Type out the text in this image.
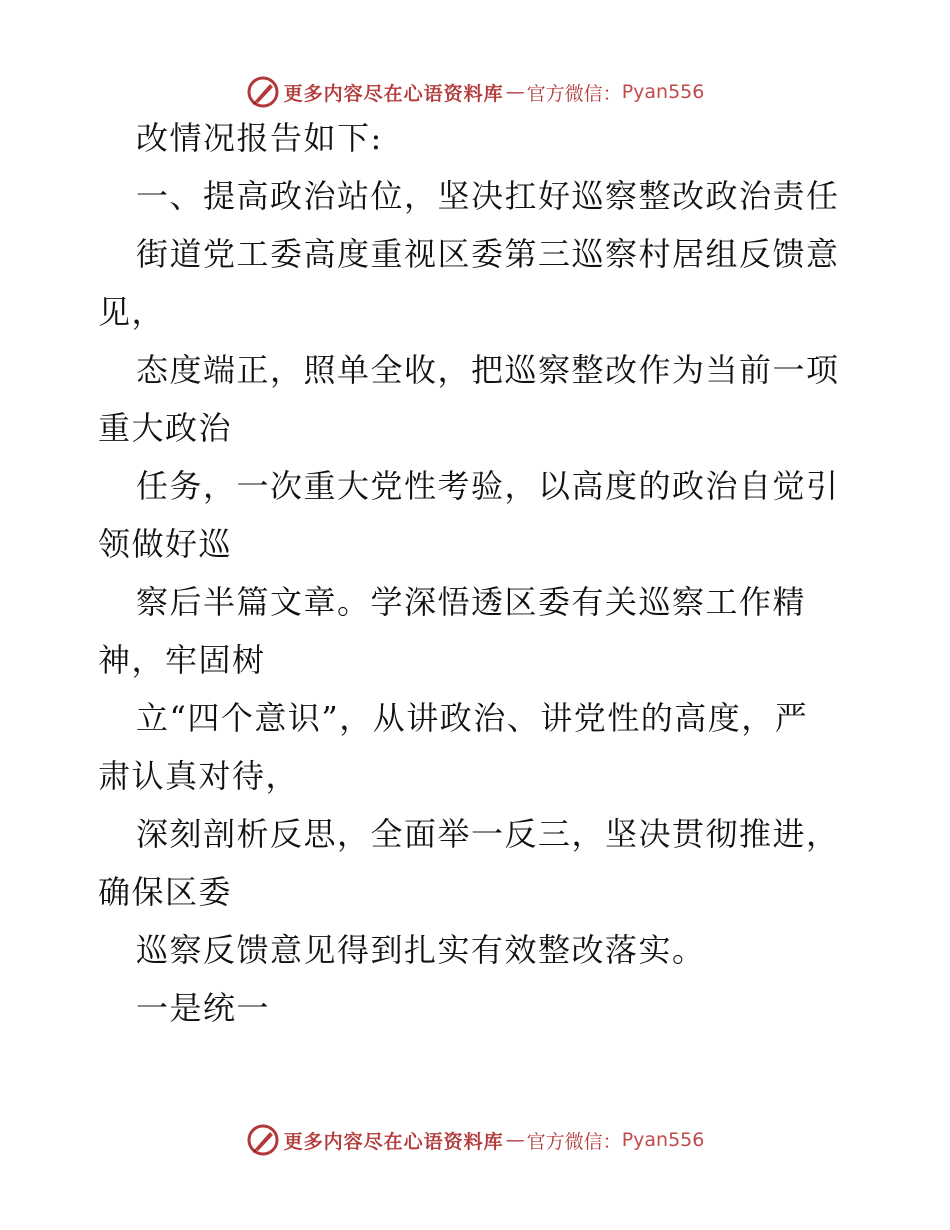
更多内容尽在心语资料库 — 官方微信： Pyan556
改情况报告如下:
一、提高政治站位，坚决扛好巡察整改政治责任
街道党工委高度重视区委第三巡察村居组反馈意
见，
态度端正，照单全收，把巡察整改作为当前一项
重大政治
任务，一次重大党性考验，以高度的政治自觉引
领做好巡
察后半篇文章。学深悟透区委有关巡察工作精
神，牢固树
立“四个意识”，从讲政治、讲党性的高度，严
肃认真对待，
深刻剖析反思，全面举一反三，坚决贯彻推进，
确保区委
巡察反馈意见得到扎实有效整改落实。
一是统一
更多内容尽在心语资料库 — 官方微信： Pyan556
